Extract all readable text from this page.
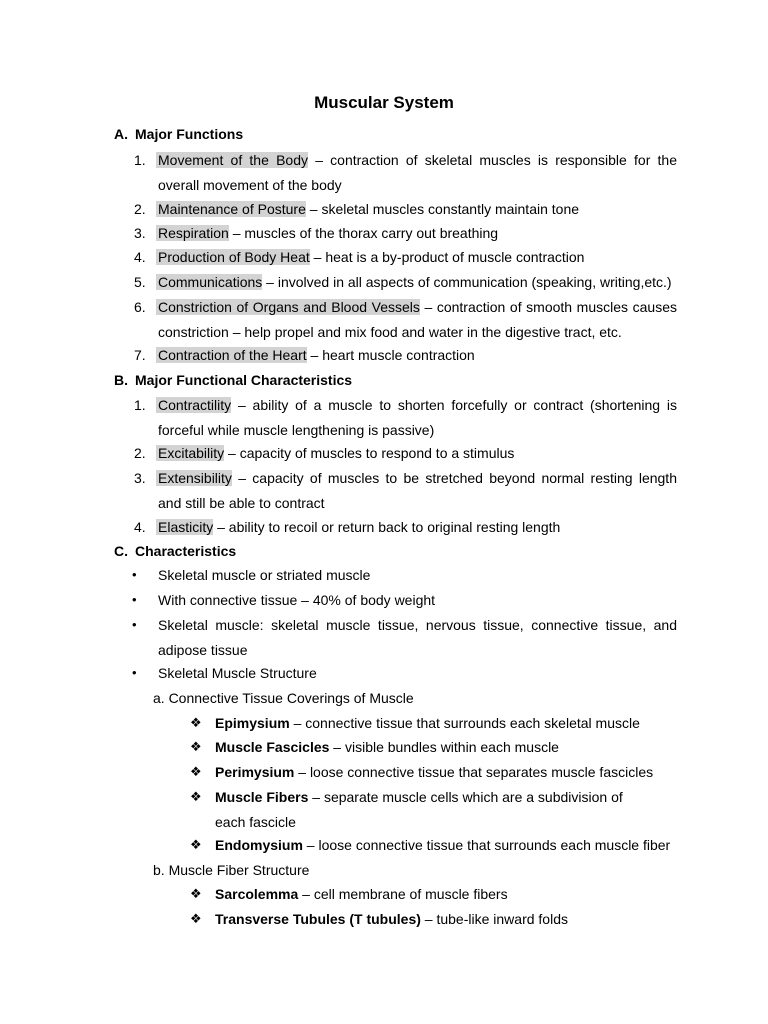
Muscular System
A. Major Functions
1. Movement of the Body – contraction of skeletal muscles is responsible for the overall movement of the body
2. Maintenance of Posture – skeletal muscles constantly maintain tone
3. Respiration – muscles of the thorax carry out breathing
4. Production of Body Heat – heat is a by-product of muscle contraction
5. Communications – involved in all aspects of communication (speaking, writing,etc.)
6. Constriction of Organs and Blood Vessels – contraction of smooth muscles causes constriction – help propel and mix food and water in the digestive tract, etc.
7. Contraction of the Heart – heart muscle contraction
B. Major Functional Characteristics
1. Contractility – ability of a muscle to shorten forcefully or contract (shortening is forceful while muscle lengthening is passive)
2. Excitability – capacity of muscles to respond to a stimulus
3. Extensibility – capacity of muscles to be stretched beyond normal resting length and still be able to contract
4. Elasticity – ability to recoil or return back to original resting length
C. Characteristics
• Skeletal muscle or striated muscle
• With connective tissue – 40% of body weight
• Skeletal muscle: skeletal muscle tissue, nervous tissue, connective tissue, and adipose tissue
• Skeletal Muscle Structure
a. Connective Tissue Coverings of Muscle
❖ Epimysium – connective tissue that surrounds each skeletal muscle
❖ Muscle Fascicles – visible bundles within each muscle
❖ Perimysium – loose connective tissue that separates muscle fascicles
❖ Muscle Fibers – separate muscle cells which are a subdivision of each fascicle
❖ Endomysium – loose connective tissue that surrounds each muscle fiber
b. Muscle Fiber Structure
❖ Sarcolemma – cell membrane of muscle fibers
❖ Transverse Tubules (T tubules) – tube-like inward folds
